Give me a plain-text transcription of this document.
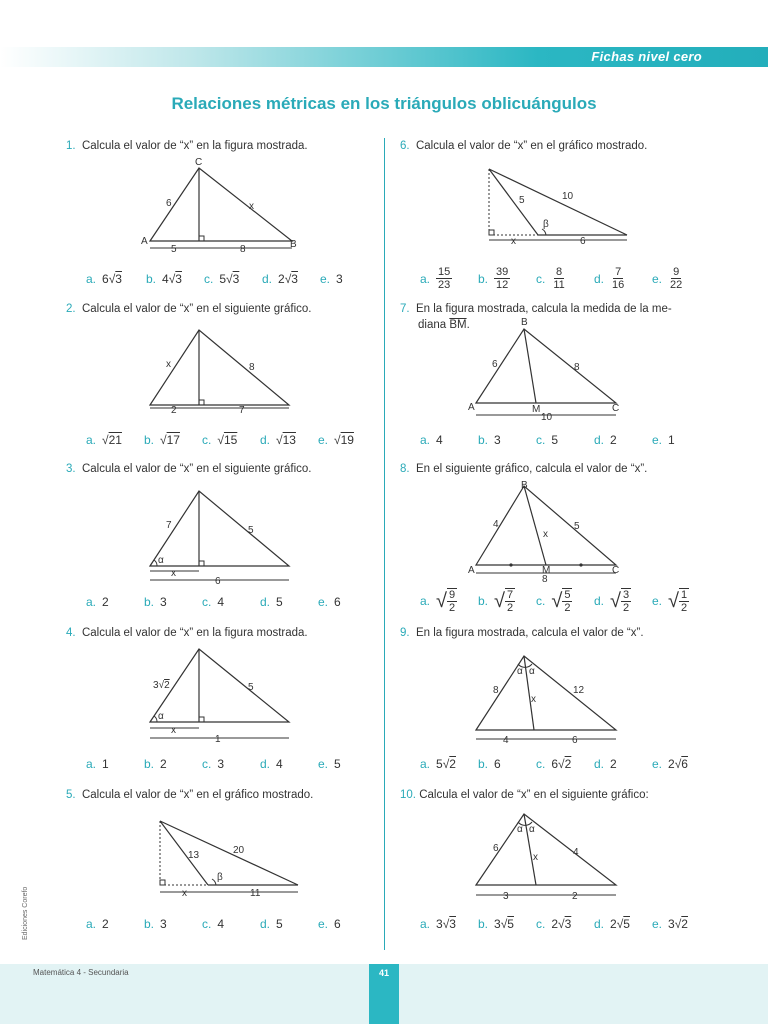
Fichas nivel cero
Relaciones métricas en los triángulos oblicuángulos
1. Calcula el valor de “x” en la figura mostrada.
C
A	B
6	x
5	8
a. 6 √ 3 b. 4 √ 3 c. 5 √ 3 d. 2 √ 3 e. 3
2. Calcula el valor de “x” en el siguiente gráfico.
x	8
2	7
a. √ 21 b. √ 17 c. √ 15 d. √ 13 e. √ 19
3. Calcula el valor de “x” en el siguiente gráfico.
7	5
α
x
6
a. 2	b. 3	c. 4	d. 5	e. 6
4. Calcula el valor de “x” en la figura mostrada.
3√2	5
α
x
1
a. 1	b. 2	c. 3	d. 4	e. 5
5. Calcula el valor de “x” en el gráfico mostrado.
13	20
β
x	11
a. 2	b. 3	c. 4	d. 5	e. 6
6. Calcula el valor de “x” en el gráfico mostrado.
5	10
β
x	6
a. $\frac{15}{23} b$. $\frac{39}{12} c$. $\frac{8}{11} d$. $\frac{7}{16} e$. $\frac{9}{22}$
7. En la figura mostrada, calcula la medida de la me-
diana $\overline{BM}$.	B
A	M	C
6	8
10
a. 4	b. 3	c. 5	d. 2	e. 1
8. En el siguiente gráfico, calcula el valor de “x”.
B
A	M	C
4	5
x
8
a. √ $\frac{9}{2} b$. √ $\frac{7}{2} c$. √ $\frac{5}{2} d$. √ $\frac{3}{2} e$. √ $\frac{1}{2}$
9. En la figura mostrada, calcula el valor de “x”.
α α
8	12
x
4	6
a. 5 √ 2 b. 6	c. 6 √ 2 d. 2	e. 2 √ 6
10. Calcula el valor de “x” en el siguiente gráfico:
α α
6	4
x
3	2
a. 3 √ 3 b. 3 √ 5 c. 2 √ 3 d. 2 √ 5 e. 3 √ 2
Ediciones Corefo
Matemática 4 - Secundaria	41
